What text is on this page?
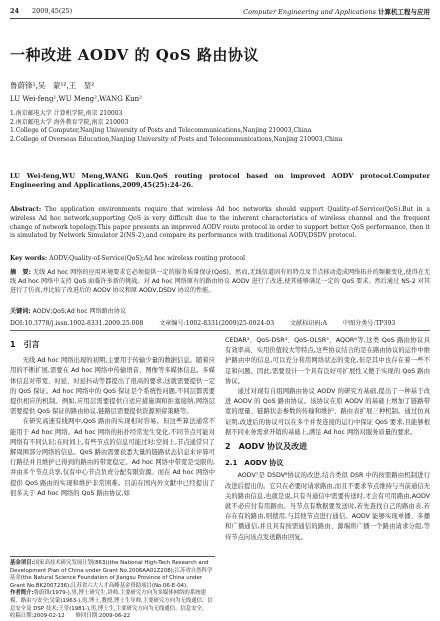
24 2009,45(25)	Computer Engineering and Applications 计算机工程与应用
一种改进 AODV 的 QoS 路由协议
鲁蔚锋¹,吴　蒙¹²,王　堃²
LU Wei-feng¹,WU Meng²,WANG Kun²
1.南京邮电大学 计算机学院,南京 210003
2.南京邮电大学 海外教育学院,南京 210003
1.College of Computer,Nanjing University of Posts and Telecommunications,Nanjing 210003,China
2.College of Overseas Education,Nanjing University of Posts and Telecommunications,Nanjing 210003,China
LU Wei-feng,WU Meng,WANG Kun.QoS routing protocol based on improved AODV protocol.Computer Engineering and Applications,2009,45(25):24-26.
Abstract: The application environments require that wireless Ad hoc networks should support Quality-of-Service(QoS).But in a wireless Ad hoc network,supporting QoS is very difficult due to the inherent characteristics of wireless channel and the frequent change of network topology.This paper presents an improved AODV route protocol in order to support better QoS performance, then it is simulated by Network Simulator 2(NS-2),and compare its performance with traditional AODV,DSDV protocol.
Key words: AODV;Quality-of-Service(QoS);Ad hoc wireless routing protocol
摘　要: 无线 Ad hoc 网络的应用环境要求它必须提供一定的服务质量保证(QoS)。然而,无线信道固有的特点及节点移动造成网络拓扑的频繁变化,使得在无线 Ad hoc 网络中支持 QoS 面临许多新的挑战。对 Ad hoc 网络原有的路由协议 AODV 进行了改进,使其能够满足一定的 QoS 要求。然后通过 NS-2 对其进行了仿真,并比较了改进后的 AODV 协议和原 AODV,DSDV 协议的性能。
关键词: AODV;QoS;Ad hoc 网络路由协议
DOI:10.3778/j.issn.1002-8331.2009.25.008	文章编号:1002-8331(2009)25-0024-03	文献标识码:A	中图分类号:TP393
1　引言

无线 Ad hoc 网络出现的初期,主要用于传输少量的数据信息。随着应用的不断扩展,需要在 Ad hoc 网络中传输语音、图像等多媒体信息。多媒体信息对带宽、时延、时延抖动等都提出了很高的要求,这就需要提供一定的 QoS 保证。Ad hoc 网络中的 QoS 保证是个系统性问题,不同层都需要提供相应的机制。例如,应用层需要提供自适应措施调和拒塞接纳,网络层需要提供 QoS 保证的路由协议,链路层需要提供资源预留策略等。

在研究高速有线网中,QoS 路由的实现相对容易。但这些算法通常不能用于 Ad hoc 网络。Ad hoc 网络的拓扑经常发生变化,不同节点可能对网络有不同认识;在时间上,有些节点的信息可能过时;空间上,节点通常只了解周围部分网络的信息。QoS 路由需要获悉大量的链路状态信息来评算可行路径并且维护已得到的路由的带宽稳定。Ad hoc 网络中带宽是受限的,并由多个节点共享,仅有中心节点负责分配有限资源。而在 Ad hoc 网络中提供 QoS 路由的实现和维护非常困难。目前在国内外文献中已经提出了很多关于 Ad hoc 网络的 QoS 路由协议,如

CEDAR³、QoS-DSR⁴、QoS-OLSR⁵、AQOR⁶等,这类 QoS 路由协议具有效率高、实用价值较大等特点,这些协议结合的是在路由协议的运作中维护路由中的信息,可以充分利用网络状态的变化,但是其中也存在着一些不足和问题。因此,需要设计一个具有良好可扩展性又便于实现的 QoS 路由协议。

通过对现有自组网路由协议 AODV 的研究方基础,提出了一种基于改进 AODV 的 QoS 路由协议。该协议在原 AODV 的基础上增加了链路带宽的度量、链路状态参数的传输和维护、路由表扩展三种机制。通过仿真证明,改进后的协议可以在多个并发连接的运行中保证 QoS 要求,且能够根据不同业务需求开销的基础上,满足 Ad hoc 网络对服务质量的要求。

2　AODV 协议及改进
2.1　AODV 协议

AODV⁷是 DSDV⁸协议的改进,结合类似 DSR 中的按需路由机制进行改进后提出的。它只在必要时请求路由,而且不要求节点维持与当前通信无关的路由信息,也就是说,只有当通信中需要传送时,才会有可用路由,AODV 就不必应付有用路由。当节点有数据要发送时,若先查找自己的路由表,若存在有的路由,则使用,与其他节点进行通信。AODV 能够实现单播、多播和广播通信,并且具有按需通信的路由、源端将广播一个路由请求分组,等待节点向该点发送路由回复。

基金项目:国家高技术研究发展计划(863)(the National High-Tech Research and Development Plan of China under Grant No.2006AA01Z208);江苏省自然科学基金(the Natural Science Foundation of Jiangsu Province of China under Grant No.BK2007236);江苏省六大人才高峰基金资助项目(No.06-E-04)。
作者简介:鲁蔚锋(1979-),男,博士研究生,讲师,主要研究方向为多媒体网络的系统建模、路由与安全;吴蒙(1963-),男,博士,教授,博士生导师,主要研究方向为无线通信、信息安全及 DSP 技术;王堃(1981-),男,博士生,主要研究方向为无线通信、信息安全。
收稿日期:2009-02-12　　 修回日期:2009-06-22
